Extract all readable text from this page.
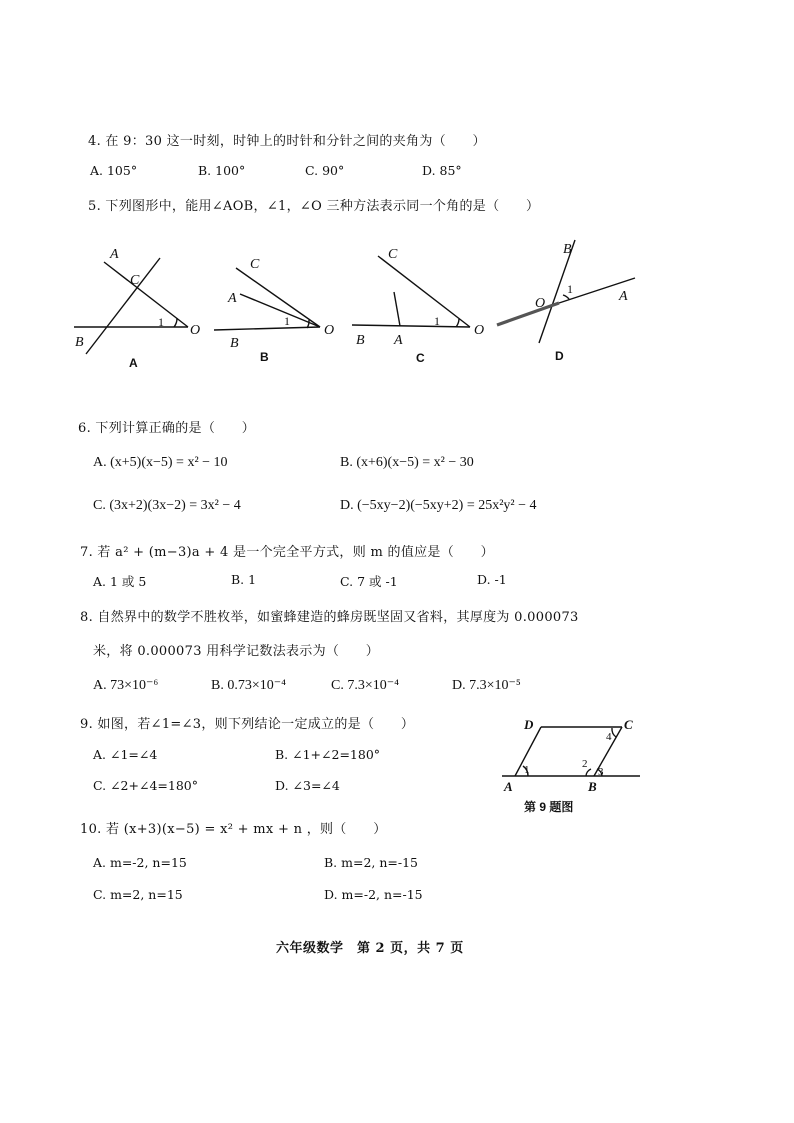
4. 在 9：30 这一时刻，时钟上的时针和分针之间的夹角为（　　）
A. 105°	B. 100°	C. 90°	D. 85°
5. 下列图形中，能用∠AOB，∠1，∠O 三种方法表示同一个角的是（　　）
A
C
B
O
1
A
C
A
B
O
1
B
C
B A
O
1
C
B
O	A
1
D
6. 下列计算正确的是（　　）
A. (x+5)(x−5) = x² − 10	B. (x+6)(x−5) = x² − 30
C. (3x+2)(3x−2) = 3x² − 4	D. (−5xy−2)(−5xy+2) = 25x²y² − 4
7. 若 a² + (m−3)a + 4 是一个完全平方式，则 m 的值应是（　　）
A. 1 或 5	B. 1	C. 7 或 -1	D. -1
8. 自然界中的数学不胜枚举，如蜜蜂建造的蜂房既坚固又省料，其厚度为 0.000073
米，将 0.000073 用科学记数法表示为（　　）
A. 73×10⁻⁶	B. 0.73×10⁻⁴	C. 7.3×10⁻⁴	D. 7.3×10⁻⁵
9. 如图，若∠1=∠3，则下列结论一定成立的是（　　）
A. ∠1=∠4	B. ∠1+∠2=180°
C. ∠2+∠4=180°	D. ∠3=∠4
D	C
A	B
1	2
3
4
第 9 题图
10. 若 (x+3)(x−5) = x² + mx + n ，则（　　）
A. m=-2, n=15	B. m=2, n=-15
C. m=2, n=15	D. m=-2, n=-15
六年级数学　第 2 页，共 7 页
